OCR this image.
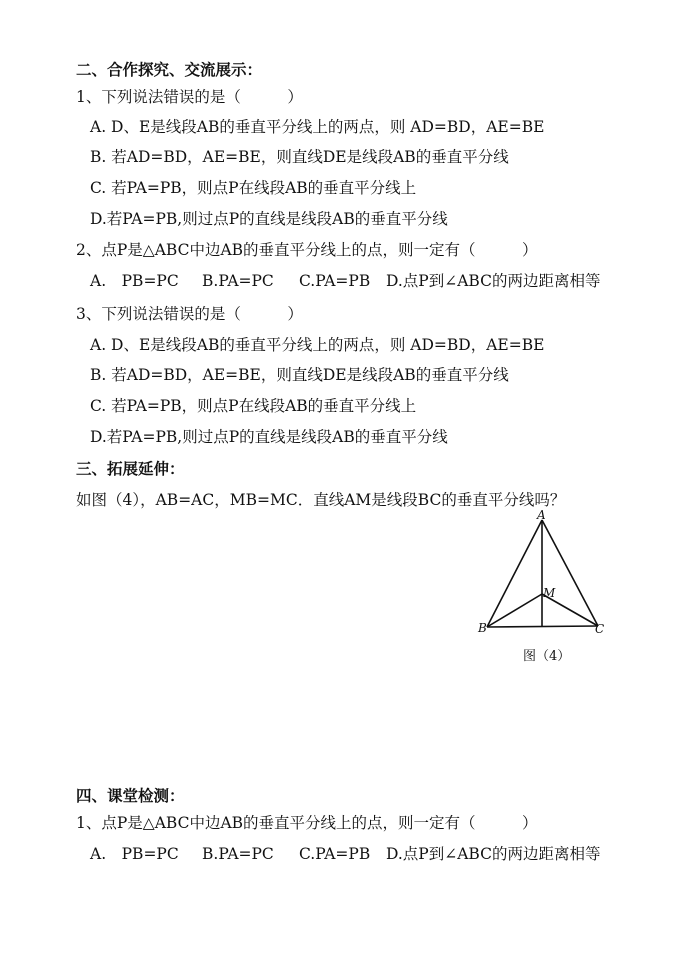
二、合作探究、交流展示：
1、下列说法错误的是（　　　）
A. D、E是线段AB的垂直平分线上的两点，则 AD=BD，AE=BE
B. 若AD=BD，AE=BE，则直线DE是线段AB的垂直平分线
C. 若PA=PB，则点P在线段AB的垂直平分线上
D.若PA=PB,则过点P的直线是线段AB的垂直平分线
2、点P是△ABC中边AB的垂直平分线上的点，则一定有（　　　）
A.　PB=PC B.PA=PC C.PA=PB D.点P到∠ABC的两边距离相等
3、下列说法错误的是（　　　）
A. D、E是线段AB的垂直平分线上的两点，则 AD=BD，AE=BE
B. 若AD=BD，AE=BE，则直线DE是线段AB的垂直平分线
C. 若PA=PB，则点P在线段AB的垂直平分线上
D.若PA=PB,则过点P的直线是线段AB的垂直平分线
三、拓展延伸：
如图（4），AB=AC，MB=MC．直线AM是线段BC的垂直平分线吗？
A
B	C
M
图（4）
四、课堂检测：
1、点P是△ABC中边AB的垂直平分线上的点，则一定有（　　　）
A.　PB=PC B.PA=PC C.PA=PB D.点P到∠ABC的两边距离相等
